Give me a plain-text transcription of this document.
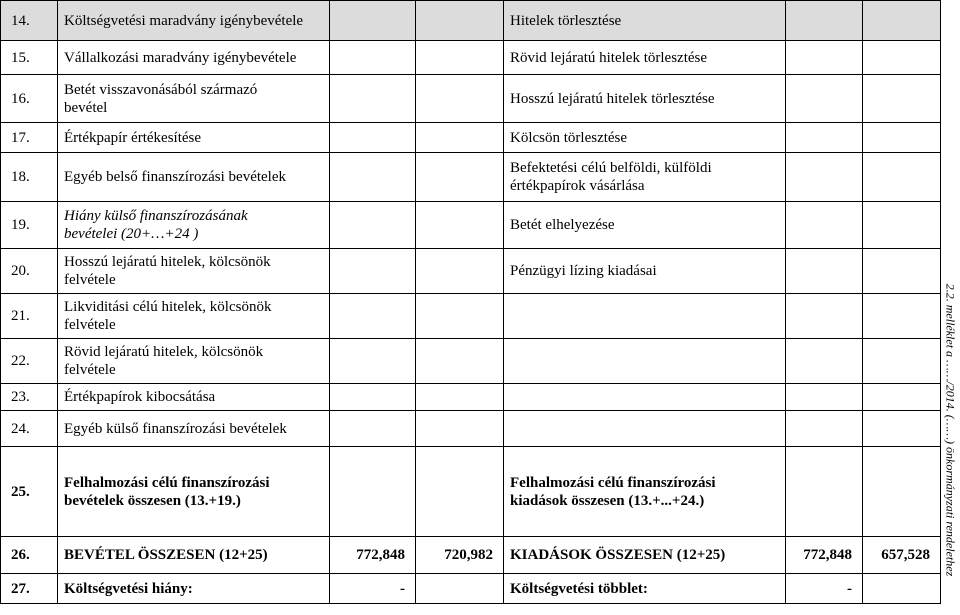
14.	Költségvetési maradvány igénybevétele			Hitelek törlesztése		
15.	Vállalkozási maradvány igénybevétele			Rövid lejáratú hitelek törlesztése		
16.	Betét visszavonásából származó bevétel			Hosszú lejáratú hitelek törlesztése		
17.	Értékpapír értékesítése			Kölcsön törlesztése		
18.	Egyéb belső finanszírozási bevételek			Befektetési célú belföldi, külföldi értékpapírok vásárlása		

19.	Hiány külső finanszírozásának bevételei (20+…+24 )			Betét elhelyezése		
20.	Hosszú lejáratú hitelek, kölcsönök felvétele			Pénzügyi lízing kiadásai		
21.	Likviditási célú hitelek, kölcsönök felvétele					

22.	Rövid lejáratú hitelek, kölcsönök felvétele					

23.	Értékpapírok kibocsátása					
24.	Egyéb külső finanszírozási bevételek					
25.	Felhalmozási célú finanszírozási bevételek összesen (13.+19.)			Felhalmozási célú finanszírozási kiadások összesen (13.+...+24.)		

26.	BEVÉTEL ÖSSZESEN (12+25)	772,848	720,982	KIADÁSOK ÖSSZESEN (12+25)	772,848	657,528
27.	Költségvetési hiány:	-		Költségvetési többlet:	-	
2.2. melléklet a ……/2014. (……) önkormányzati rendelethez
